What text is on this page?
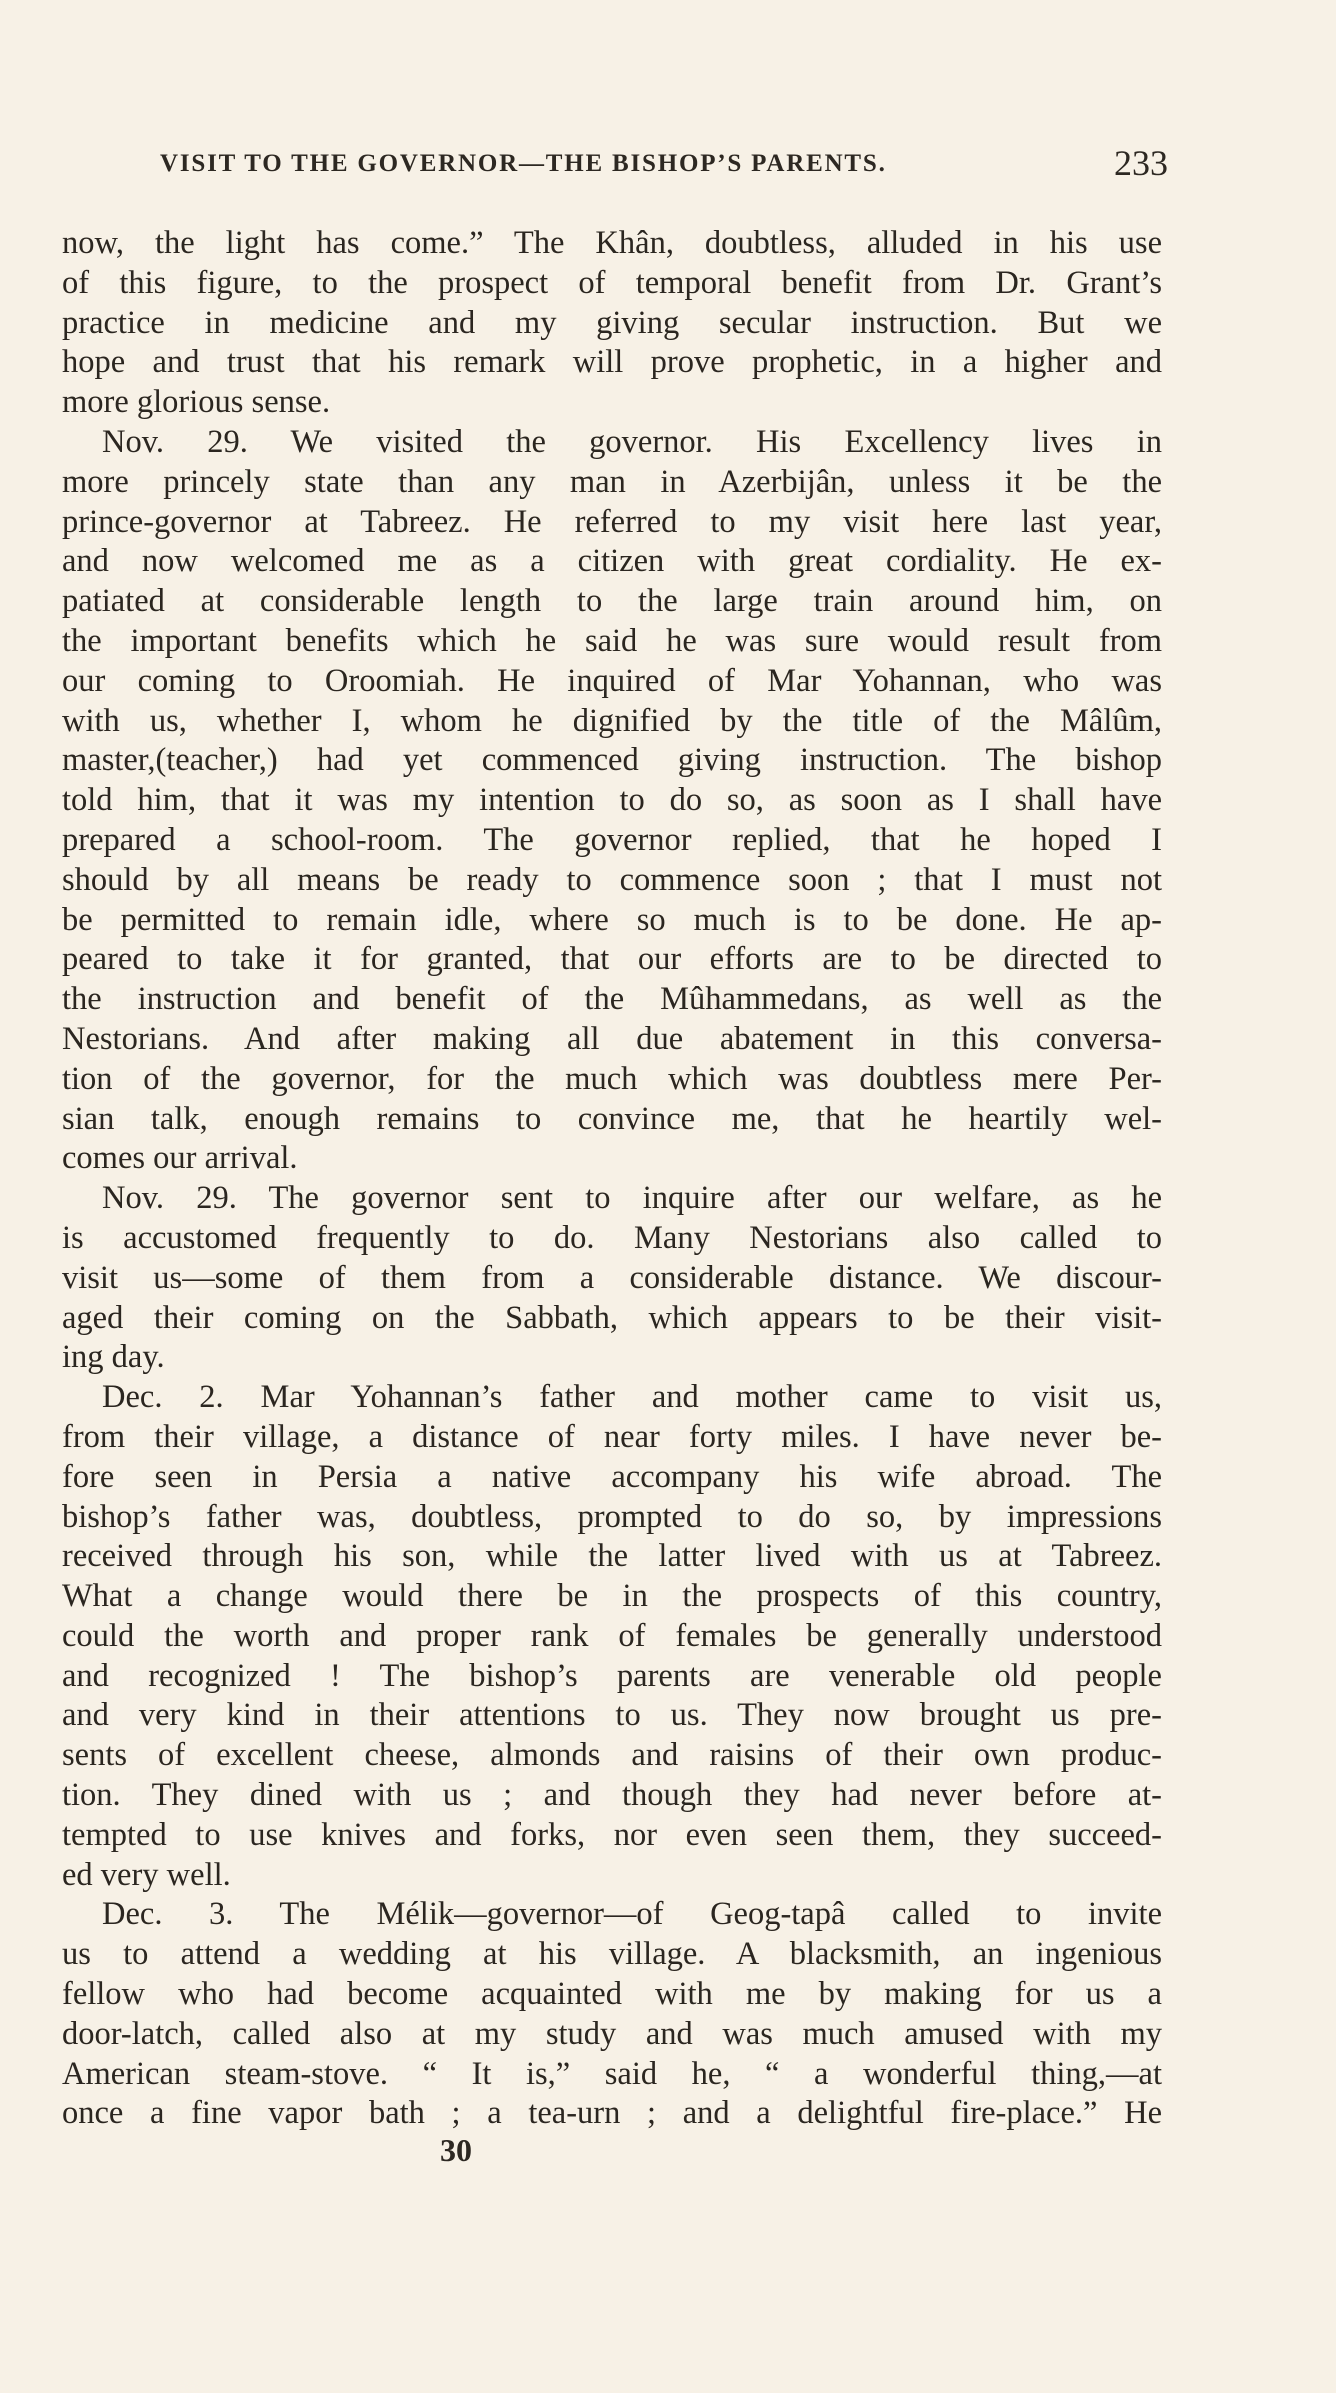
VISIT TO THE GOVERNOR—THE BISHOP’S PARENTS.	233
now, the light has come.” The Khân, doubtless, alluded in his use
of this figure, to the prospect of temporal benefit from Dr. Grant’s
practice in medicine and my giving secular instruction. But we
hope and trust that his remark will prove prophetic, in a higher and
more glorious sense.
Nov. 29. We visited the governor. His Excellency lives in
more princely state than any man in Azerbijân, unless it be the
prince-governor at Tabreez. He referred to my visit here last year,
and now welcomed me as a citizen with great cordiality. He ex-
patiated at considerable length to the large train around him, on
the important benefits which he said he was sure would result from
our coming to Oroomiah. He inquired of Mar Yohannan, who was
with us, whether I, whom he dignified by the title of the Mâlûm,
master,(teacher,) had yet commenced giving instruction. The bishop
told him, that it was my intention to do so, as soon as I shall have
prepared a school-room. The governor replied, that he hoped I
should by all means be ready to commence soon ; that I must not
be permitted to remain idle, where so much is to be done. He ap-
peared to take it for granted, that our efforts are to be directed to
the instruction and benefit of the Mûhammedans, as well as the
Nestorians. And after making all due abatement in this conversa-
tion of the governor, for the much which was doubtless mere Per-
sian talk, enough remains to convince me, that he heartily wel-
comes our arrival.
Nov. 29. The governor sent to inquire after our welfare, as he
is accustomed frequently to do. Many Nestorians also called to
visit us—some of them from a considerable distance. We discour-
aged their coming on the Sabbath, which appears to be their visit-
ing day.
Dec. 2. Mar Yohannan’s father and mother came to visit us,
from their village, a distance of near forty miles. I have never be-
fore seen in Persia a native accompany his wife abroad. The
bishop’s father was, doubtless, prompted to do so, by impressions
received through his son, while the latter lived with us at Tabreez.
What a change would there be in the prospects of this country,
could the worth and proper rank of females be generally understood
and recognized ! The bishop’s parents are venerable old people
and very kind in their attentions to us. They now brought us pre-
sents of excellent cheese, almonds and raisins of their own produc-
tion. They dined with us ; and though they had never before at-
tempted to use knives and forks, nor even seen them, they succeed-
ed very well.
Dec. 3. The Mélik—governor—of Geog-tapâ called to invite
us to attend a wedding at his village. A blacksmith, an ingenious
fellow who had become acquainted with me by making for us a
door-latch, called also at my study and was much amused with my
American steam-stove. “ It is,” said he, “ a wonderful thing,—at
once a fine vapor bath ; a tea-urn ; and a delightful fire-place.” He
30
